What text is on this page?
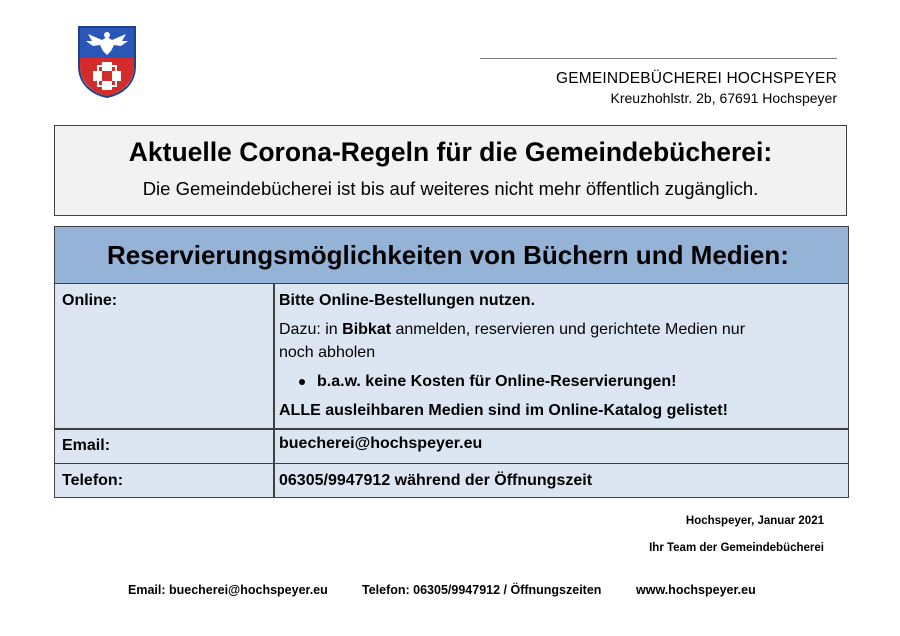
GEMEINDEBÜCHEREI HOCHSPEYER
Kreuzhohlstr. 2b, 67691 Hochspeyer
Aktuelle Corona-Regeln für die Gemeindebücherei:
Die Gemeindebücherei ist bis auf weiteres nicht mehr öffentlich zugänglich.
Reservierungsmöglichkeiten von Büchern und Medien:
Online:	Bitte Online-Bestellungen nutzen.
Dazu: in Bibkat anmelden, reservieren und gerichtete Medien nur
noch abholen
b.a.w. keine Kosten für Online-Reservierungen!
ALLE ausleihbaren Medien sind im Online-Katalog gelistet!
Email:	buecherei@hochspeyer.eu
Telefon:	06305/9947912 während der Öffnungszeit
Hochspeyer, Januar 2021
Ihr Team der Gemeindebücherei
Email: buecherei@hochspeyer.eu	Telefon: 06305/9947912 / Öffnungszeiten	www.hochspeyer.eu
